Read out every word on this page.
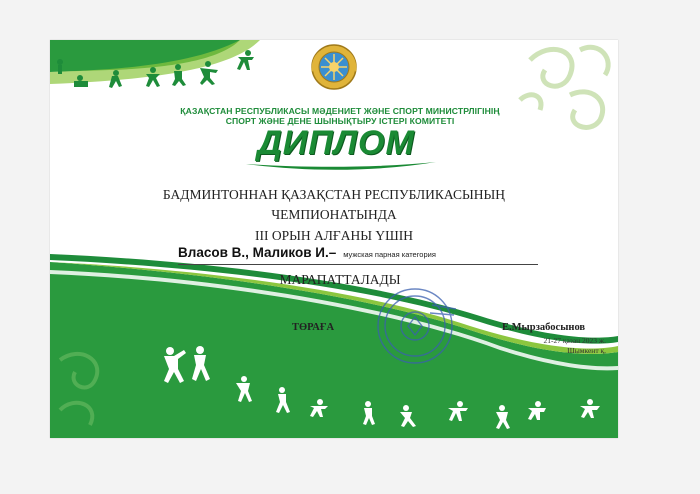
ҚАЗАҚСТАН РЕСПУБЛИКАСЫ МӘДЕНИЕТ ЖӘНЕ СПОРТ МИНИСТРЛІГІНІҢ
СПОРТ ЖӘНЕ ДЕНЕ ШЫНЫҚТЫРУ ІСТЕРІ КОМИТЕТІ
ДИПЛОМ
БАДМИНТОННАН ҚАЗАҚСТАН РЕСПУБЛИКАСЫНЫҢ
ЧЕМПИОНАТЫНДА
III ОРЫН АЛҒАНЫ ҮШІН
Власов В., Маликов И.– мужская парная категория
МАРАПАТТАЛАДЫ
ТӨРАҒА	Е.Мырзабосынов
21-27 қазан 2023 ж.
Шымкент қ.
